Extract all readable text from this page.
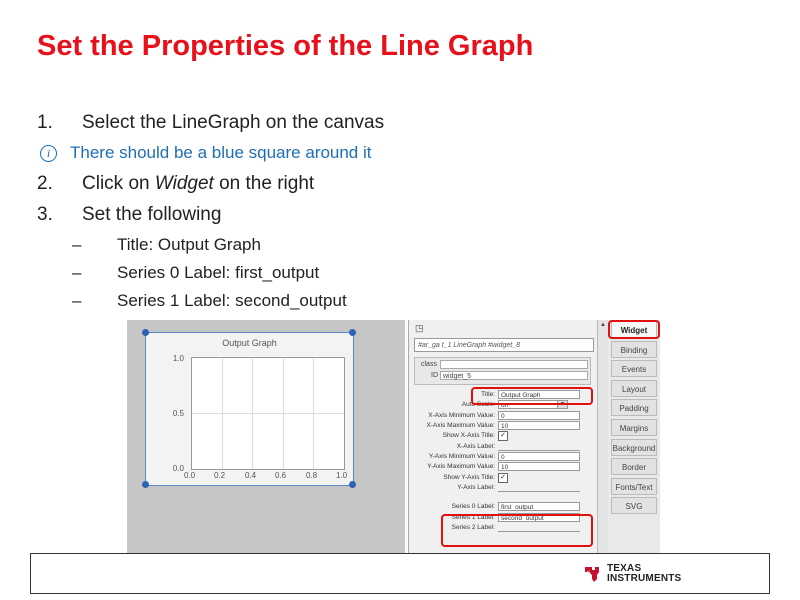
Set the Properties of the Line Graph
1. Select the LineGraph on the canvas
i There should be a blue square around it
2. Click on Widget on the right
3. Set the following
– Title: Output Graph
– Series 0 Label: first_output
– Series 1 Label: second_output
Output Graph
1.0
0.5
0.0
0.0 0.2 0.4 0.6 0.8 1.0
◳
#ar_ga t_1 LineGraph #widget_8
class
ID widget_5
Title: Output Graph
Auto Scale: on	▼
X-Axis Minimum Value: 0
X-Axis Maximum Value: 10
Show X-Axis Title: ✓
X-Axis Label:
Y-Axis Minimum Value: 0
Y-Axis Maximum Value: 10
Show Y-Axis Title: ✓
Y-Axis Label:
Series 0 Label: first_output
Series 1 Label: second_output
Series 2 Label:
▲
Widget
Binding
Events
Layout
Padding
Margins
Background
Border
Fonts/Text
SVG
ti TEXAS
INSTRUMENTS
